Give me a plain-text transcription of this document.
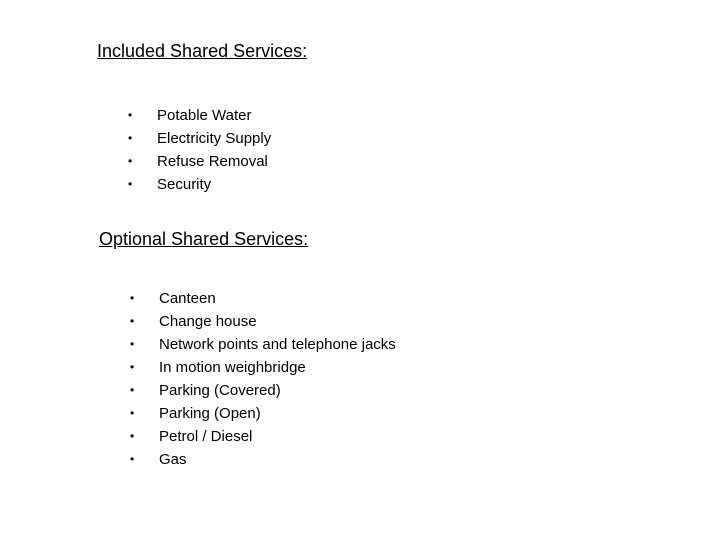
Included Shared Services:
• Potable Water
• Electricity Supply
• Refuse Removal
• Security
Optional Shared Services:
• Canteen
• Change house
• Network points and telephone jacks
• In motion weighbridge
• Parking (Covered)
• Parking (Open)
• Petrol / Diesel
• Gas
